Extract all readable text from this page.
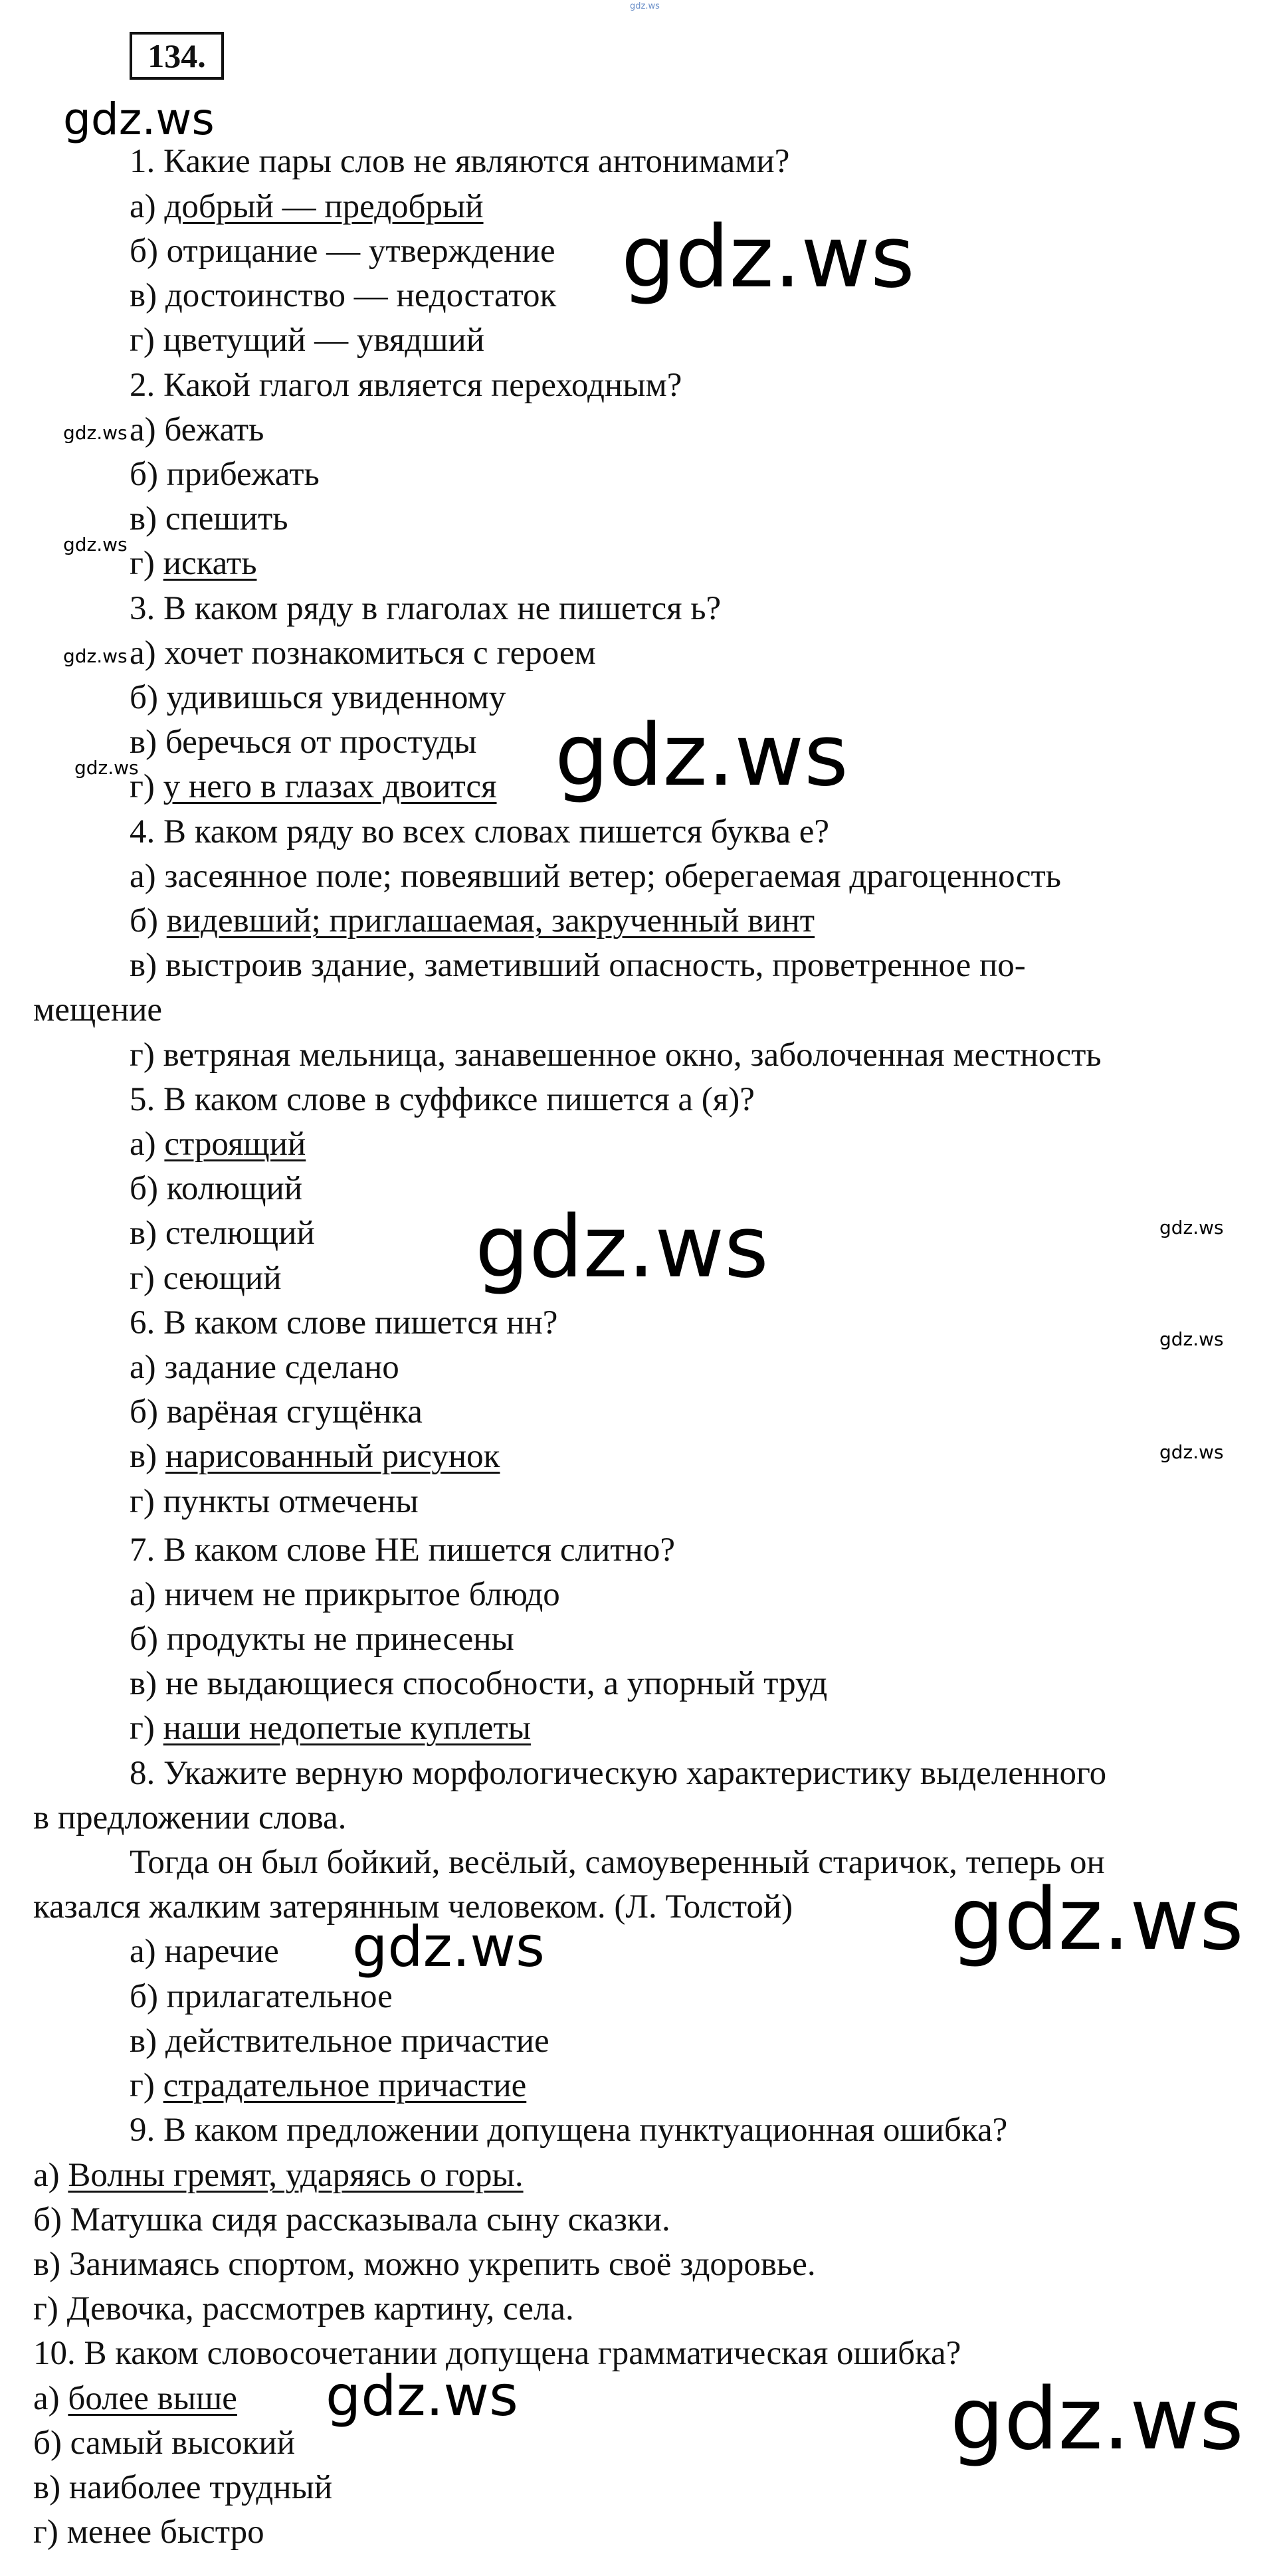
gdz.ws
134.
gdz.ws
1. Какие пары слов не являются антонимами?
а) добрый — предобрый
б) отрицание — утверждение
в) достоинство — недостаток
г) цветущий — увядший
2. Какой глагол является переходным?
а) бежать
б) прибежать
в) спешить
г) искать
3. В каком ряду в глаголах не пишется ь?
а) хочет познакомиться с героем
б) удивишься увиденному
в) беречься от простуды
г) у него в глазах двоится
4. В каком ряду во всех словах пишется буква е?
а) засеянное поле; повеявший ветер; оберегаемая драгоценность
б) видевший; приглашаемая, закрученный винт
в) выстроив здание, заметивший опасность, проветренное по-
мещение
г) ветряная мельница, занавешенное окно, заболоченная местность
5. В каком слове в суффиксе пишется а (я)?
а) строящий
б) колющий
в) стелющий
г) сеющий
6. В каком слове пишется нн?
а) задание сделано
б) варёная сгущёнка
в) нарисованный рисунок
г) пункты отмечены
7. В каком слове НЕ пишется слитно?
а) ничем не прикрытое блюдо
б) продукты не принесены
в) не выдающиеся способности, а упорный труд
г) наши недопетые куплеты
8. Укажите верную морфологическую характеристику выделенного
в предложении слова.
Тогда он был бойкий, весёлый, самоуверенный старичок, теперь он
казался жалким затерянным человеком. (Л. Толстой)
а) наречие
б) прилагательное
в) действительное причастие
г) страдательное причастие
9. В каком предложении допущена пунктуационная ошибка?
а) Волны гремят, ударяясь о горы.
б) Матушка сидя рассказывала сыну сказки.
в) Занимаясь спортом, можно укрепить своё здоровье.
г) Девочка, рассмотрев картину, села.
10. В каком словосочетании допущена грамматическая ошибка?
а) более выше
б) самый высокий
в) наиболее трудный
г) менее быстро
gdz.ws
gdz.ws
gdz.ws
gdz.ws
gdz.ws
gdz.ws	gdz.ws
gdz.ws
gdz.ws
gdz.ws
gdz.ws
gdz.ws
gdz.ws
gdz.ws
